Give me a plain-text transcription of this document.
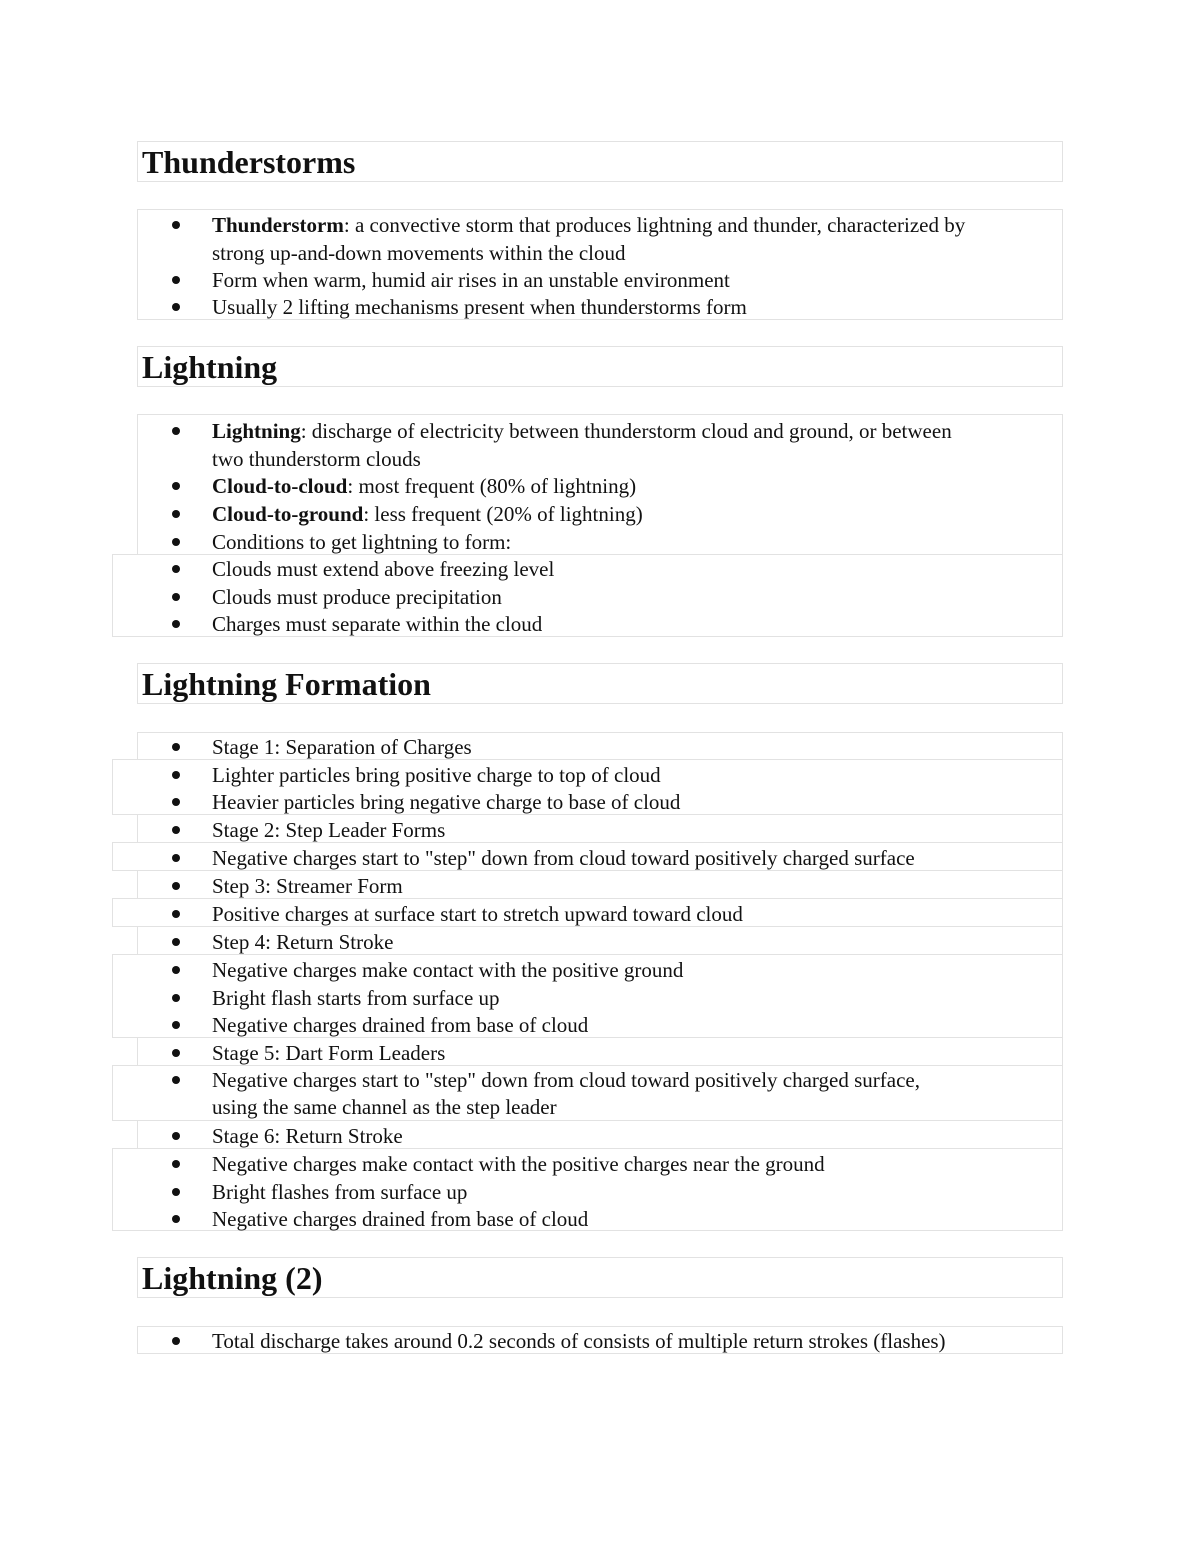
Thunderstorms
Thunderstorm: a convective storm that produces lightning and thunder, characterized by
strong up-and-down movements within the cloud
Form when warm, humid air rises in an unstable environment
Usually 2 lifting mechanisms present when thunderstorms form
Lightning
Lightning: discharge of electricity between thunderstorm cloud and ground, or between
two thunderstorm clouds
Cloud-to-cloud: most frequent (80% of lightning)
Cloud-to-ground: less frequent (20% of lightning)
Conditions to get lightning to form:
Clouds must extend above freezing level
Clouds must produce precipitation
Charges must separate within the cloud
Lightning Formation
Stage 1: Separation of Charges
Lighter particles bring positive charge to top of cloud
Heavier particles bring negative charge to base of cloud
Stage 2: Step Leader Forms
Negative charges start to "step" down from cloud toward positively charged surface
Step 3: Streamer Form
Positive charges at surface start to stretch upward toward cloud
Step 4: Return Stroke
Negative charges make contact with the positive ground
Bright flash starts from surface up
Negative charges drained from base of cloud
Stage 5: Dart Form Leaders
Negative charges start to "step" down from cloud toward positively charged surface,
using the same channel as the step leader
Stage 6: Return Stroke
Negative charges make contact with the positive charges near the ground
Bright flashes from surface up
Negative charges drained from base of cloud
Lightning (2)
Total discharge takes around 0.2 seconds of consists of multiple return strokes (flashes)
